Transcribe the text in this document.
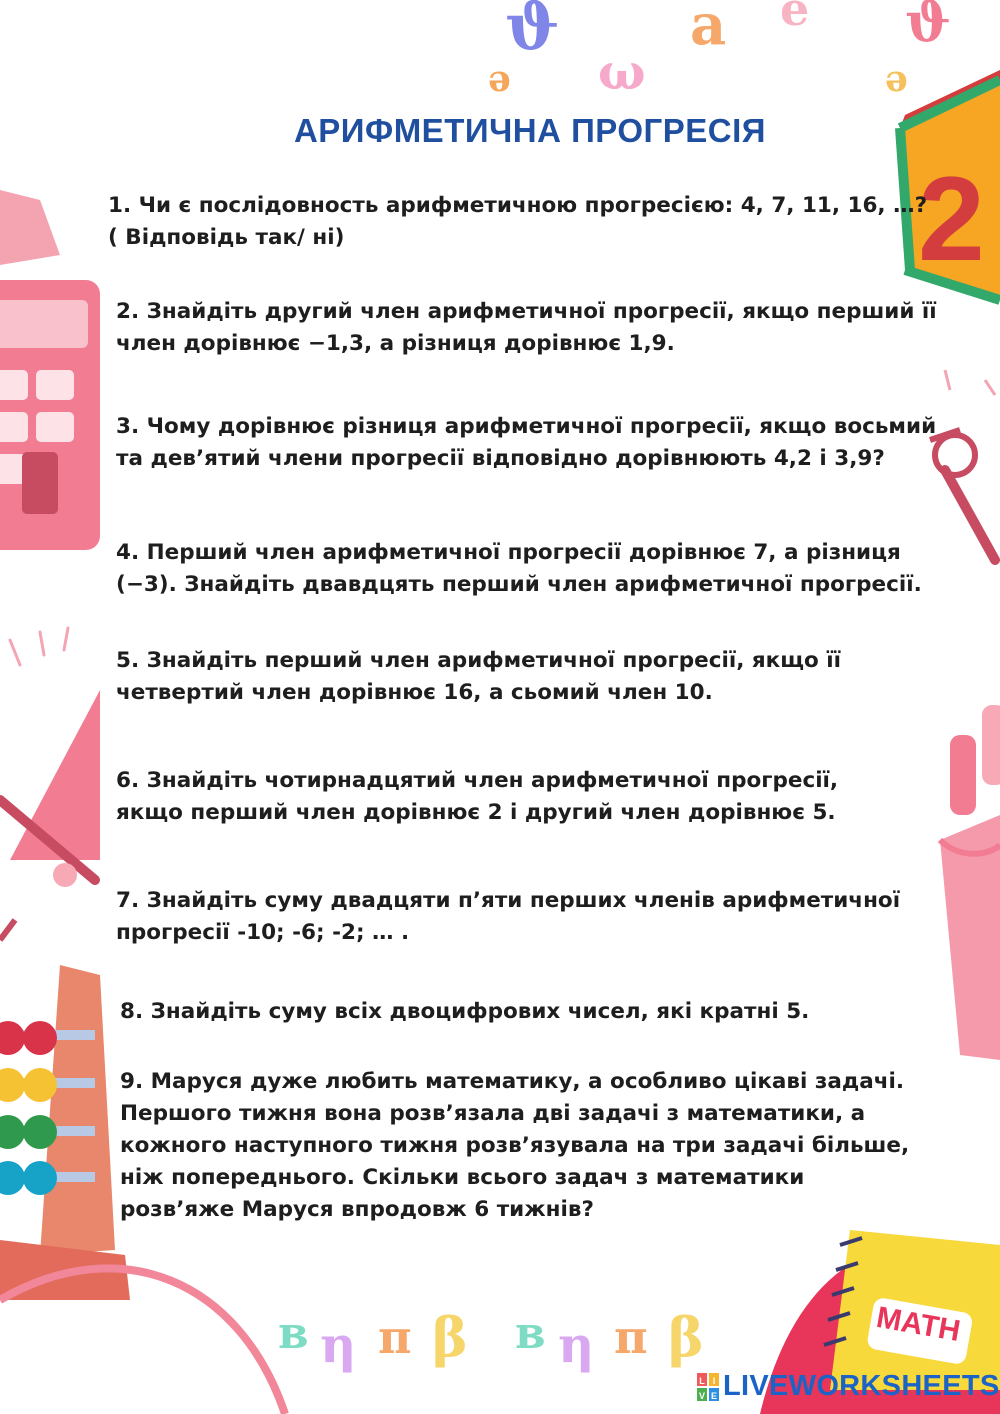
ϑ a e ϑ
ω
ə	ə
в η π β в η π β
2
MATH
АРИФМЕТИЧНА ПРОГРЕСІЯ
1. Чи є послідовность арифметичною прогресією: 4, 7, 11, 16, …?
( Відповідь так/ ні)
2. Знайдіть другий член арифметичної прогресії, якщо перший її
член дорівнює −1,3, а різниця дорівнює 1,9.
3. Чому дорівнює різниця арифметичної прогресії, якщо восьмий
та дев’ятий члени прогресії відповідно дорівнюють 4,2 і 3,9?
4. Перший член арифметичної прогресії дорівнює 7, а різниця
(−3). Знайдіть двавдцять перший член арифметичної прогресії.
5. Знайдіть перший член арифметичної прогресії, якщо її
четвертий член дорівнює 16, а сьомий член 10.
6. Знайдіть чотирнадцятий член арифметичної прогресії,
якщо перший член дорівнює 2 і другий член дорівнює 5.
7. Знайдіть суму двадцяти п’яти перших членів арифметичної
прогресії -10; -6; -2; … .
8. Знайдіть суму всіх двоцифрових чисел, які кратні 5.
9. Маруся дуже любить математику, а особливо цікаві задачі.
Першого тижня вона розв’язала дві задачі з математики, а
кожного наступного тижня розв’язувала на три задачі більше,
ніж попереднього. Скільки всього задач з математики
розв’яже Маруся впродовж 6 тижнів?
L I
V E LIVEWORKSHEETS
